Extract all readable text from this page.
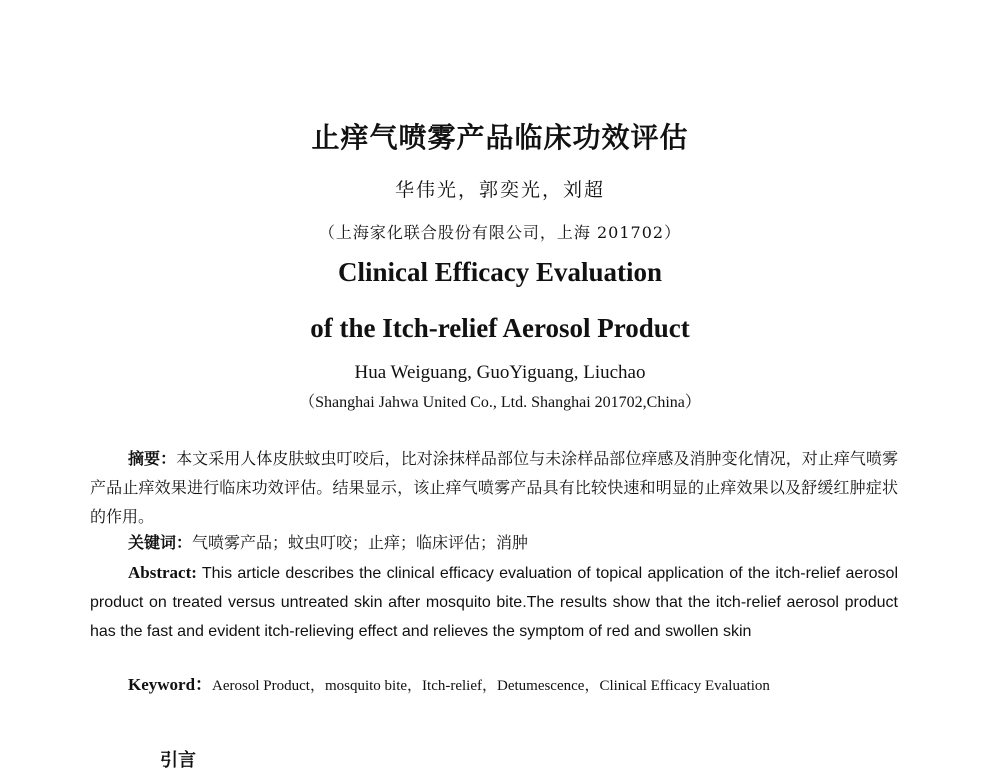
止痒气喷雾产品临床功效评估
华伟光，郭奕光，刘超
（上海家化联合股份有限公司，上海 201702）
Clinical Efficacy Evaluation
of the Itch-relief Aerosol Product
Hua Weiguang, GuoYiguang, Liuchao
（Shanghai Jahwa United Co., Ltd. Shanghai 201702,China）
摘要：本文采用人体皮肤蚊虫叮咬后，比对涂抹样品部位与未涂样品部位痒感及消肿变化情况，对止痒气喷雾产品止痒效果进行临床功效评估。结果显示，该止痒气喷雾产品具有比较快速和明显的止痒效果以及舒缓红肿症状的作用。
关键词：气喷雾产品；蚊虫叮咬；止痒；临床评估；消肿
Abstract: This article describes the clinical efficacy evaluation of topical application of the itch-relief aerosol product on treated versus untreated skin after mosquito bite.The results show that the itch-relief aerosol product has the fast and evident itch-relieving effect and relieves the symptom of red and swollen skin
Keyword：Aerosol Product，mosquito bite，Itch-relief，Detumescence，Clinical Efficacy Evaluation
引言
